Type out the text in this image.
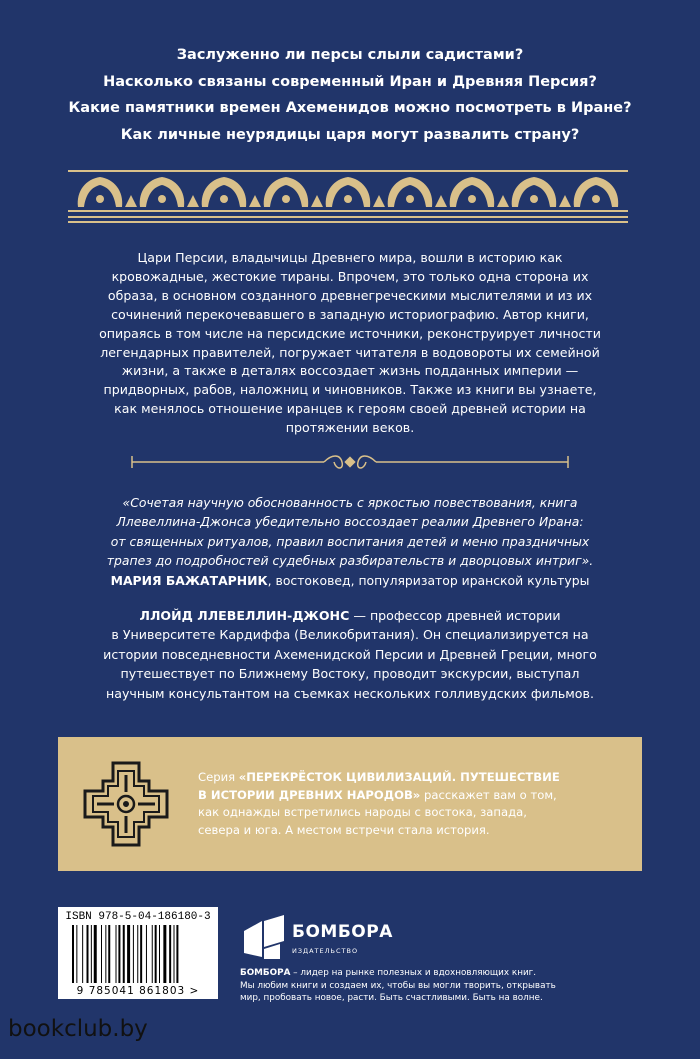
Заслуженно ли персы слыли садистами?
Насколько связаны современный Иран и Древняя Персия?
Какие памятники времен Ахеменидов можно посмотреть в Иране?
Как личные неурядицы царя могут развалить страну?
Цари Персии, владычицы Древнего мира, вошли в историю как
кровожадные, жестокие тираны. Впрочем, это только одна сторона их
образа, в основном созданного древнегреческими мыслителями и из их
сочинений перекочевавшего в западную историографию. Автор книги,
опираясь в том числе на персидские источники, реконструирует личности
легендарных правителей, погружает читателя в водовороты их семейной
жизни, а также в деталях воссоздает жизнь подданных империи —
придворных, рабов, наложниц и чиновников. Также из книги вы узнаете,
как менялось отношение иранцев к героям своей древней истории на
протяжении веков.
«Сочетая научную обоснованность с яркостью повествования, книга
Ллевеллина-Джонса убедительно воссоздает реалии Древнего Ирана:
от священных ритуалов, правил воспитания детей и меню праздничных
трапез до подробностей судебных разбирательств и дворцовых интриг».
МАРИЯ БАЖАТАРНИК, востоковед, популяризатор иранской культуры
ЛЛОЙД ЛЛЕВЕЛЛИН-ДЖОНС — профессор древней истории
в Университете Кардиффа (Великобритания). Он специализируется на
истории повседневности Ахеменидской Персии и Древней Греции, много
путешествует по Ближнему Востоку, проводит экскурсии, выступал
научным консультантом на съемках нескольких голливудских фильмов.
Серия «ПЕРЕКРЁСТОК ЦИВИЛИЗАЦИЙ. ПУТЕШЕСТВИЕ
В ИСТОРИИ ДРЕВНИХ НАРОДОВ» расскажет вам о том,
как однажды встретились народы с востока, запада,
севера и юга. А местом встречи стала история.
ISBN 978-5-04-186180-3
9 785041 861803 >
БОМБОРА
ИЗДАТЕЛЬСТВО
БОМБОРА – лидер на рынке полезных и вдохновляющих книг.
Мы любим книги и создаем их, чтобы вы могли творить, открывать
мир, пробовать новое, расти. Быть счастливыми. Быть на волне.
bookclub.by
